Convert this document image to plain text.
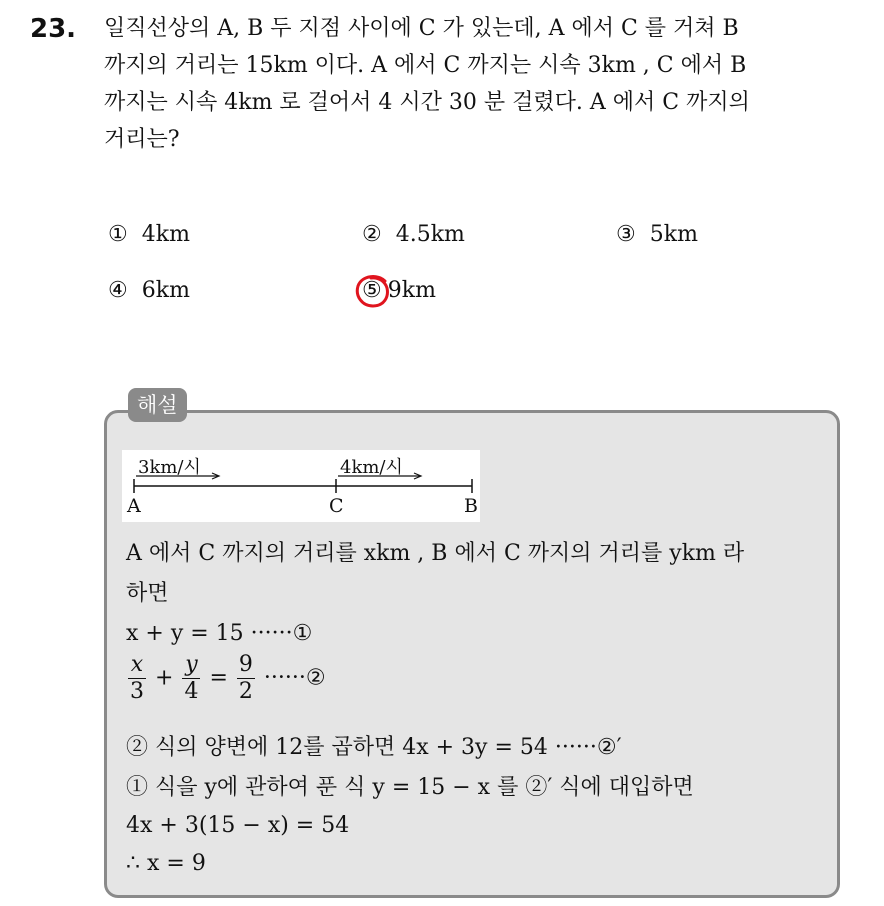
23. 일직선상의 A, B 두 지점 사이에 C 가 있는데, A 에서 C 를 거쳐 B
까지의 거리는 15km 이다. A 에서 C 까지는 시속 3km , C 에서 B
까지는 시속 4km 로 걸어서 4 시간 30 분 걸렸다. A 에서 C 까지의
거리는?
① 4km	② 4.5km	③ 5km
④ 6km	⑤ 9km
해설
3km/시	4km/시
A	C	B
A 에서 C 까지의 거리를 xkm , B 에서 C 까지의 거리를 ykm 라
하면
x + y = 15 ······①
$\frac{x}{3} + \frac{y}{4} = \frac{9}{2}$ ······②
② 식의 양변에 12를 곱하면 4x + 3y = 54 ······②′
① 식을 y에 관하여 푼 식 y = 15 − x 를 ②′ 식에 대입하면
4x + 3(15 − x) = 54
∴ x = 9
